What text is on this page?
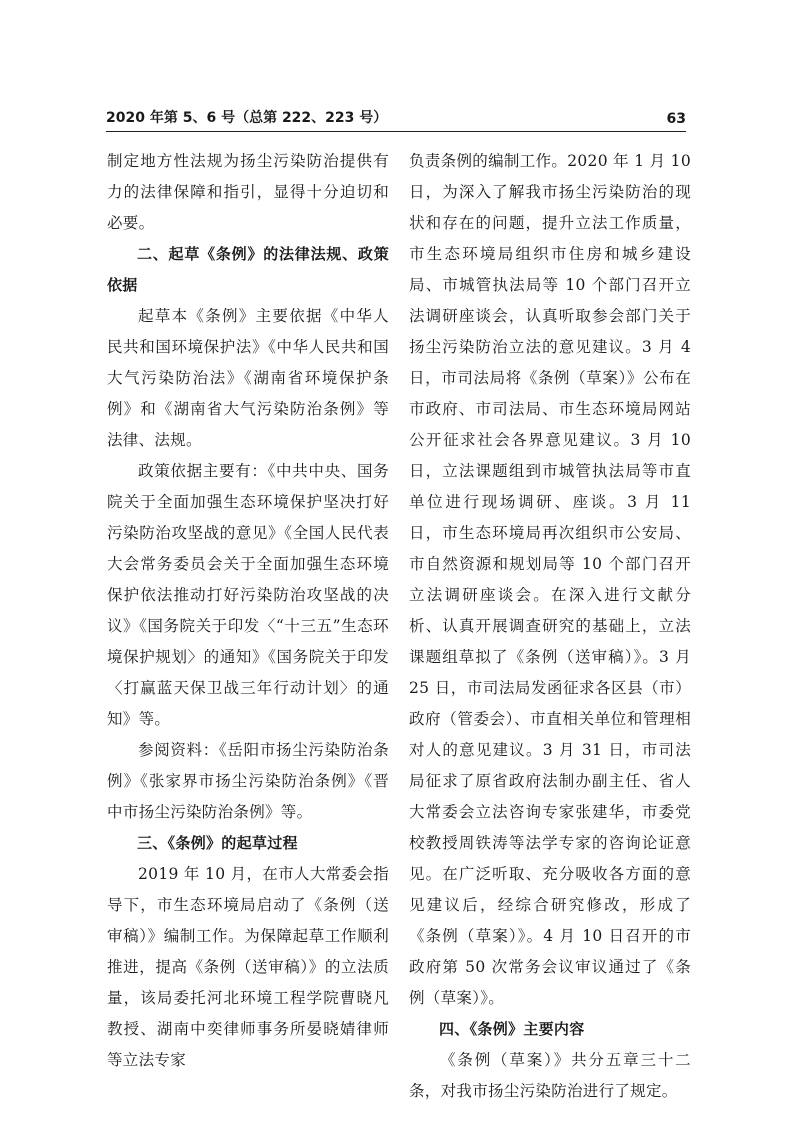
2020 年第 5、6 号（总第 222、223 号）	63

制定地方性法规为扬尘污染防治提供有力的法律保障和指引，显得十分迫切和必要。

二、起草《条例》的法律法规、政策依据

起草本《条例》主要依据《中华人民共和国环境保护法》《中华人民共和国大气污染防治法》《湖南省环境保护条例》和《湖南省大气污染防治条例》等法律、法规。

政策依据主要有：《中共中央、国务院关于全面加强生态环境保护坚决打好污染防治攻坚战的意见》《全国人民代表大会常务委员会关于全面加强生态环境保护依法推动打好污染防治攻坚战的决议》《国务院关于印发〈“十三五”生态环境保护规划〉的通知》《国务院关于印发〈打赢蓝天保卫战三年行动计划〉的通知》等。

参阅资料：《岳阳市扬尘污染防治条例》《张家界市扬尘污染防治条例》《晋中市扬尘污染防治条例》等。

三、《条例》的起草过程

2019 年 10 月，在市人大常委会指导下，市生态环境局启动了《条例（送审稿）》编制工作。为保障起草工作顺利推进，提高《条例（送审稿）》的立法质量，该局委托河北环境工程学院曹晓凡教授、湖南中奕律师事务所晏晓婧律师等立法专家

负责条例的编制工作。2020 年 1 月 10 日，为深入了解我市扬尘污染防治的现状和存在的问题，提升立法工作质量，市生态环境局组织市住房和城乡建设局、市城管执法局等 10 个部门召开立法调研座谈会，认真听取参会部门关于扬尘污染防治立法的意见建议。3 月 4 日，市司法局将《条例（草案）》公布在市政府、市司法局、市生态环境局网站公开征求社会各界意见建议。3 月 10 日，立法课题组到市城管执法局等市直单位进行现场调研、座谈。3 月 11 日，市生态环境局再次组织市公安局、市自然资源和规划局等 10 个部门召开立法调研座谈会。在深入进行文献分析、认真开展调查研究的基础上，立法课题组草拟了《条例（送审稿）》。3 月 25 日，市司法局发函征求各区县（市）政府（管委会）、市直相关单位和管理相对人的意见建议。3 月 31 日，市司法局征求了原省政府法制办副主任、省人大常委会立法咨询专家张建华，市委党校教授周铁涛等法学专家的咨询论证意见。在广泛听取、充分吸收各方面的意见建议后，经综合研究修改，形成了《条例（草案）》。4 月 10 日召开的市政府第 50 次常务会议审议通过了《条例（草案）》。

四、《条例》主要内容

《条例（草案）》共分五章三十二条，对我市扬尘污染防治进行了规定。
